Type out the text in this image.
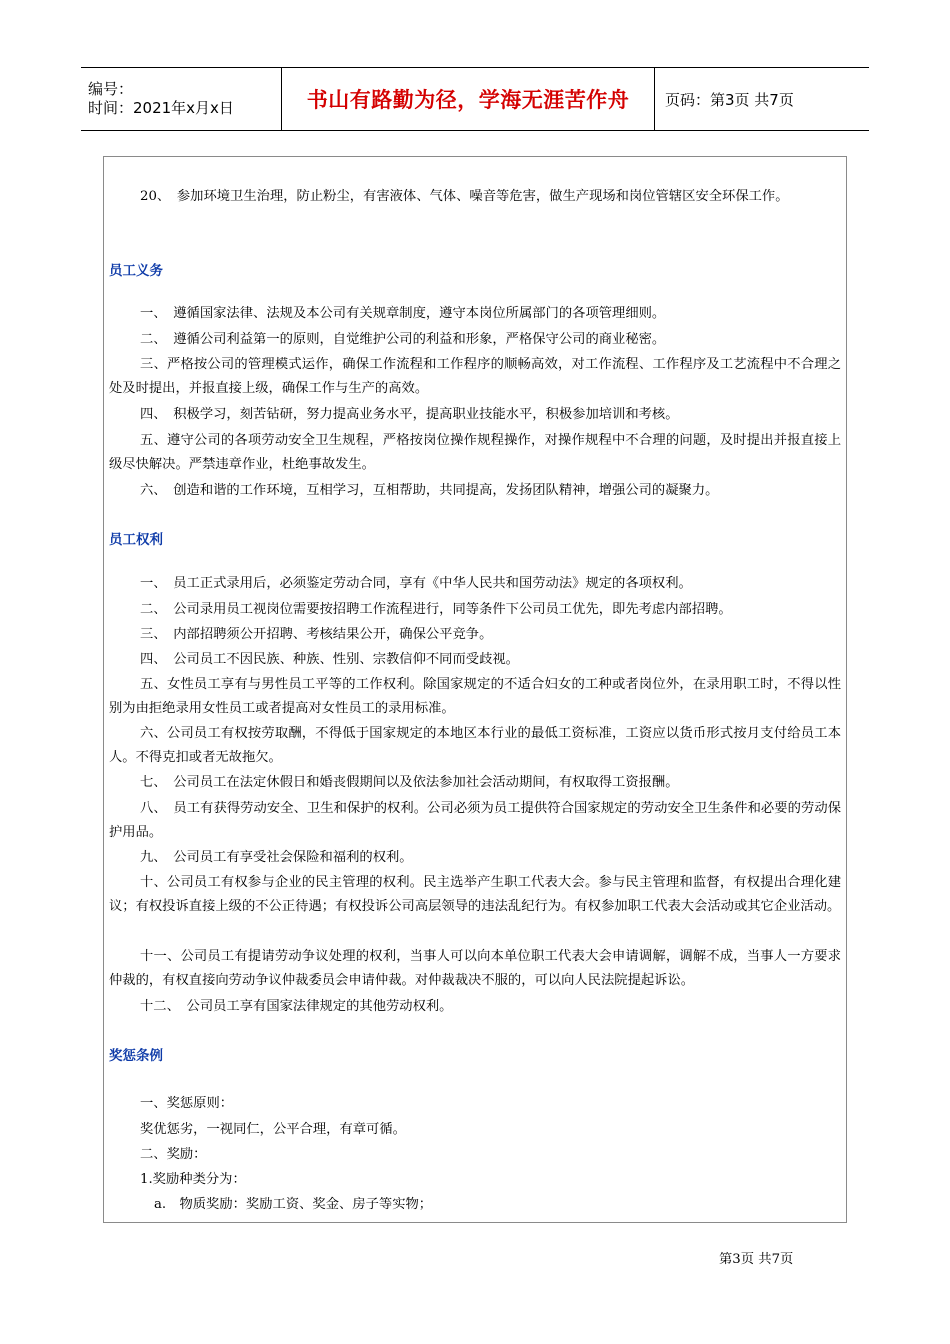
编号：
时间：2021年x月x日	书山有路勤为径，学海无涯苦作舟 页码：第3页 共7页
20、　参加环境卫生治理，防止粉尘，有害液体、气体、噪音等危害，做生产现场和岗位管辖区安全环保工作。
员工义务
一、　遵循国家法律、法规及本公司有关规章制度，遵守本岗位所属部门的各项管理细则。
二、　遵循公司利益第一的原则，自觉维护公司的利益和形象，严格保守公司的商业秘密。
三、严格按公司的管理模式运作，确保工作流程和工作程序的顺畅高效，对工作流程、工作程序及工艺流程中不合理之处及时提出，并报直接上级，确保工作与生产的高效。
四、　积极学习，刻苦钻研，努力提高业务水平，提高职业技能水平，积极参加培训和考核。
五、遵守公司的各项劳动安全卫生规程，严格按岗位操作规程操作，对操作规程中不合理的问题，及时提出并报直接上级尽快解决。严禁违章作业，杜绝事故发生。
六、　创造和谐的工作环境，互相学习，互相帮助，共同提高，发扬团队精神，增强公司的凝聚力。
员工权利
一、　员工正式录用后，必须鉴定劳动合同，享有《中华人民共和国劳动法》规定的各项权利。
二、　公司录用员工视岗位需要按招聘工作流程进行，同等条件下公司员工优先，即先考虑内部招聘。
三、　内部招聘须公开招聘、考核结果公开，确保公平竞争。
四、　公司员工不因民族、种族、性别、宗教信仰不同而受歧视。
五、女性员工享有与男性员工平等的工作权利。除国家规定的不适合妇女的工种或者岗位外，在录用职工时，不得以性别为由拒绝录用女性员工或者提高对女性员工的录用标准。
六、公司员工有权按劳取酬，不得低于国家规定的本地区本行业的最低工资标准，工资应以货币形式按月支付给员工本人。不得克扣或者无故拖欠。
七、　公司员工在法定休假日和婚丧假期间以及依法参加社会活动期间，有权取得工资报酬。
八、　员工有获得劳动安全、卫生和保护的权利。公司必须为员工提供符合国家规定的劳动安全卫生条件和必要的劳动保护用品。
九、　公司员工有享受社会保险和福利的权利。
十、公司员工有权参与企业的民主管理的权利。民主选举产生职工代表大会。参与民主管理和监督，有权提出合理化建议；有权投诉直接上级的不公正待遇；有权投诉公司高层领导的违法乱纪行为。有权参加职工代表大会活动或其它企业活动。
十一、公司员工有提请劳动争议处理的权利，当事人可以向本单位职工代表大会申请调解，调解不成，当事人一方要求仲裁的，有权直接向劳动争议仲裁委员会申请仲裁。对仲裁裁决不服的，可以向人民法院提起诉讼。
十二、　公司员工享有国家法律规定的其他劳动权利。
奖惩条例
一、奖惩原则：
奖优惩劣，一视同仁，公平合理，有章可循。
二、奖励：
1.奖励种类分为：
a.　物质奖励：奖励工资、奖金、房子等实物；
第3页 共7页
